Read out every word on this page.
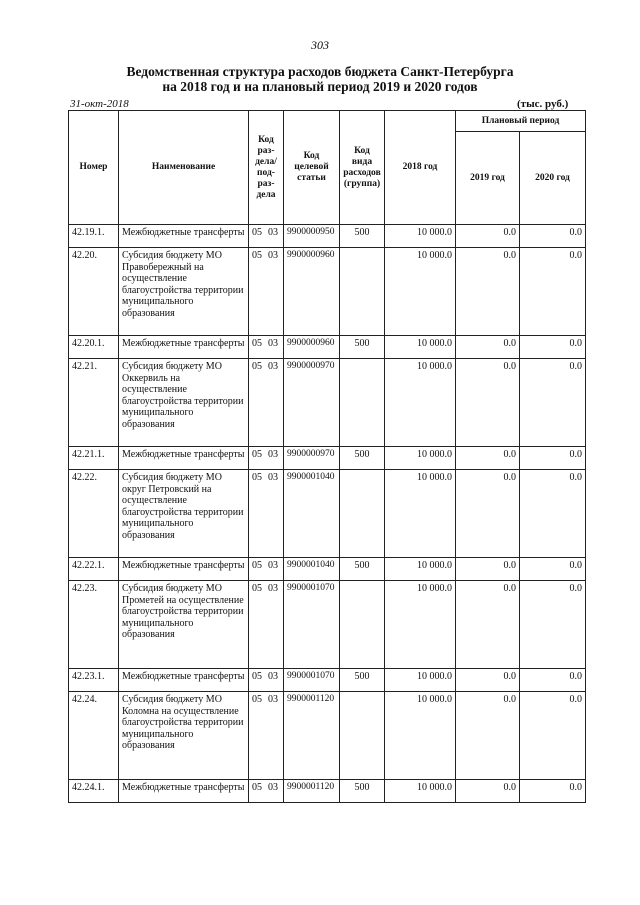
303
Ведомственная структура расходов бюджета Санкт-Петербурга
на 2018 год и на плановый период 2019 и 2020 годов
31-окт-2018	(тыс. руб.)
Номер	Наименование	Код раз-дела/ под-раз-дела	Код целевой статьи	Код вида расходов (группа)	2018 год	Плановый период	
						2019 год	2020 год
42.19.1.	Межбюджетные трансферты	05 03	9900000950	500	10 000.0	0.0	0.0
42.20.	Субсидия бюджету МО Правобережный на осуществление благоустройства территории муниципального образования	05 03	9900000960		10 000.0	0.0	0.0
42.20.1.	Межбюджетные трансферты	05 03	9900000960	500	10 000.0	0.0	0.0
42.21.	Субсидия бюджету МО Оккервиль на осуществление благоустройства территории муниципального образования	05 03	9900000970		10 000.0	0.0	0.0
42.21.1.	Межбюджетные трансферты	05 03	9900000970	500	10 000.0	0.0	0.0
42.22.	Субсидия бюджету МО округ Петровский на осуществление благоустройства территории муниципального образования	05 03	9900001040		10 000.0	0.0	0.0
42.22.1.	Межбюджетные трансферты	05 03	9900001040	500	10 000.0	0.0	0.0
42.23.	Субсидия бюджету МО Прометей на осуществление благоустройства территории муниципального образования	05 03	9900001070		10 000.0	0.0	0.0
42.23.1.	Межбюджетные трансферты	05 03	9900001070	500	10 000.0	0.0	0.0
42.24.	Субсидия бюджету МО Коломна на осуществление благоустройства территории муниципального образования	05 03	9900001120		10 000.0	0.0	0.0
42.24.1.	Межбюджетные трансферты	05 03	9900001120	500	10 000.0	0.0	0.0
